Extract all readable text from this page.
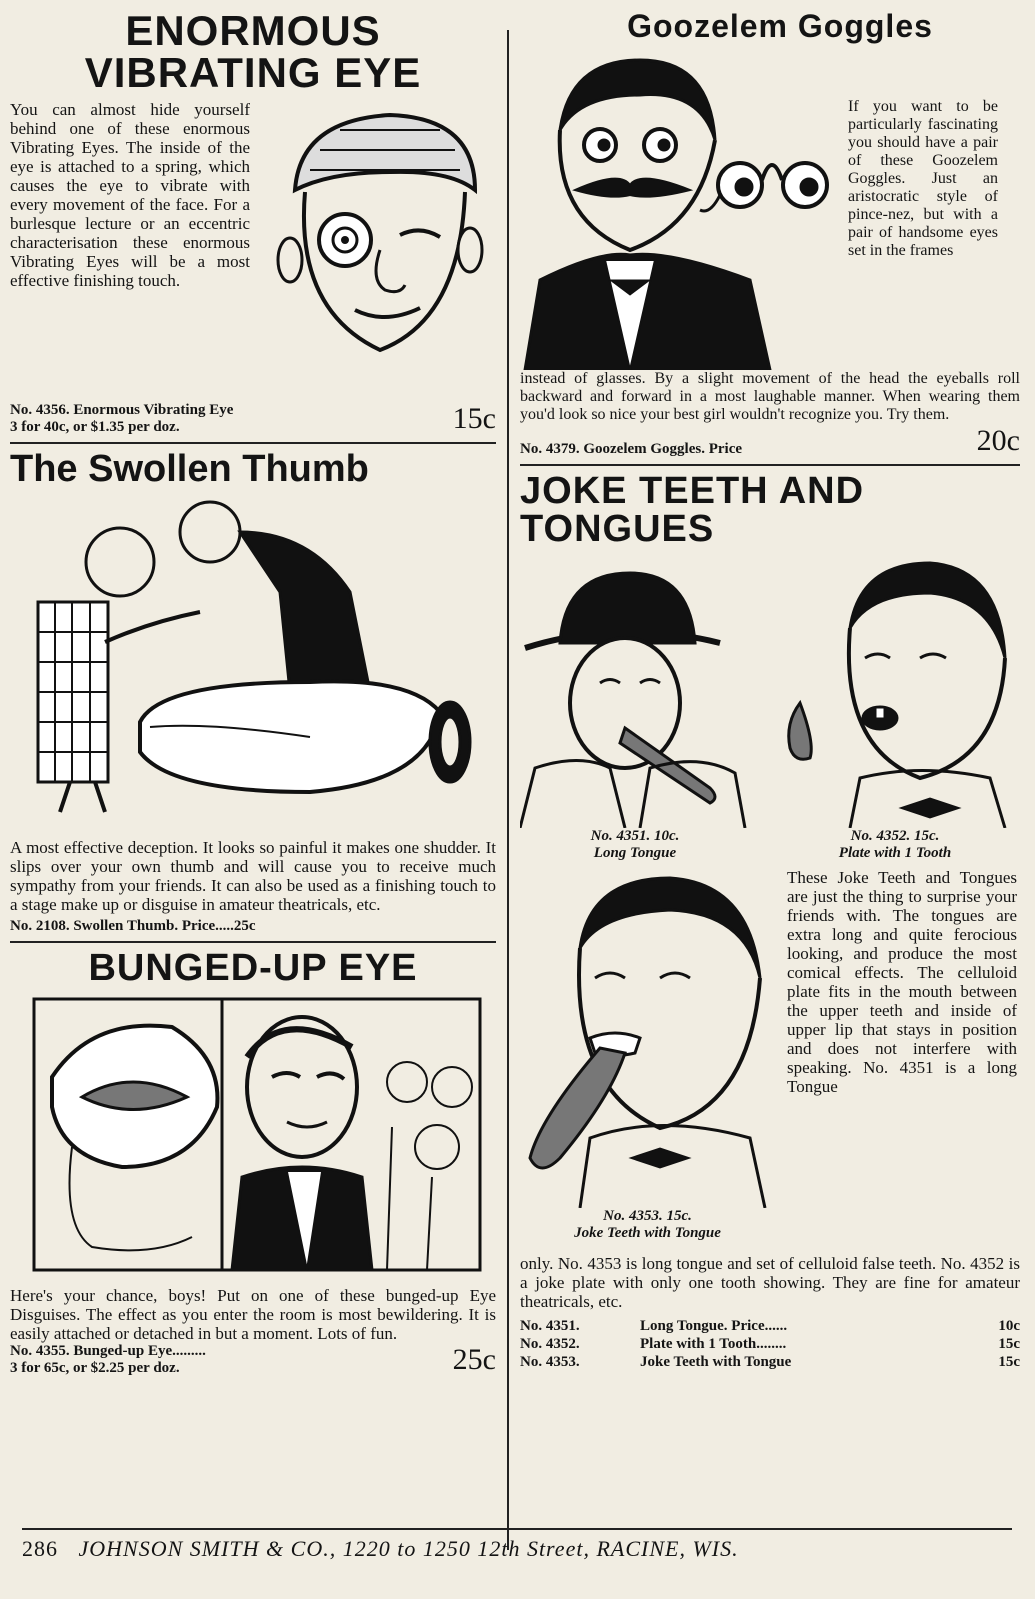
ENORMOUS VIBRATING EYE

You can almost hide yourself behind one of these enormous Vibrating Eyes. The inside of the eye is attached to a spring, which causes the eye to vibrate with every movement of the face. For a burlesque lecture or an eccentric characterisation these enormous Vibrating Eyes will be a most effective finishing touch.

No. 4356. Enormous Vibrating Eye

3 for 40c, or $1.35 per doz.	15c
The Swollen Thumb

A most effective deception. It looks so painful it makes one shudder. It slips over your own thumb and will cause you to receive much sympathy from your friends. It can also be used as a finishing touch to a stage make up or disguise in amateur theatricals, etc.

No. 2108. Swollen Thumb. Price.....25c

BUNGED-UP EYE

Here's your chance, boys! Put on one of these bunged-up Eye Disguises. The effect as you enter the room is most bewildering. It is easily attached or detached in but a moment. Lots of fun.

No. 4355. Bunged-up Eye.........

3 for 65c, or $2.25 per doz.	25c
Goozelem Goggles

If you want to be particularly fascinating you should have a pair of these Goozelem Goggles. Just an aristocratic style of pince-nez, but with a pair of handsome eyes set in the frames

instead of glasses. By a slight movement of the head the eyeballs roll backward and forward in a most laughable manner. When wearing them you'd look so nice your best girl wouldn't recognize you. Try them.

No. 4379. Goozelem Goggles. Price	20c
JOKE TEETH AND TONGUES
No. 4351. 10c.
Long Tongue
No. 4352. 15c.
Plate with 1 Tooth
No. 4353. 15c.
Joke Teeth with Tongue

These Joke Teeth and Tongues are just the thing to surprise your friends with. The tongues are extra long and quite ferocious looking, and produce the most comical effects. The celluloid plate fits in the mouth between the upper teeth and inside of upper lip that stays in position and does not interfere with speaking. No. 4351 is a long Tongue

only. No. 4353 is long tongue and set of celluloid false teeth. No. 4352 is a joke plate with only one tooth showing. They are fine for amateur theatricals, etc.

No. 4351.	Long Tongue. Price......	10c
No. 4352.	Plate with 1 Tooth........	15c
No. 4353.	Joke Teeth with Tongue	15c
286 JOHNSON SMITH & CO., 1220 to 1250 12th Street, RACINE, WIS.
